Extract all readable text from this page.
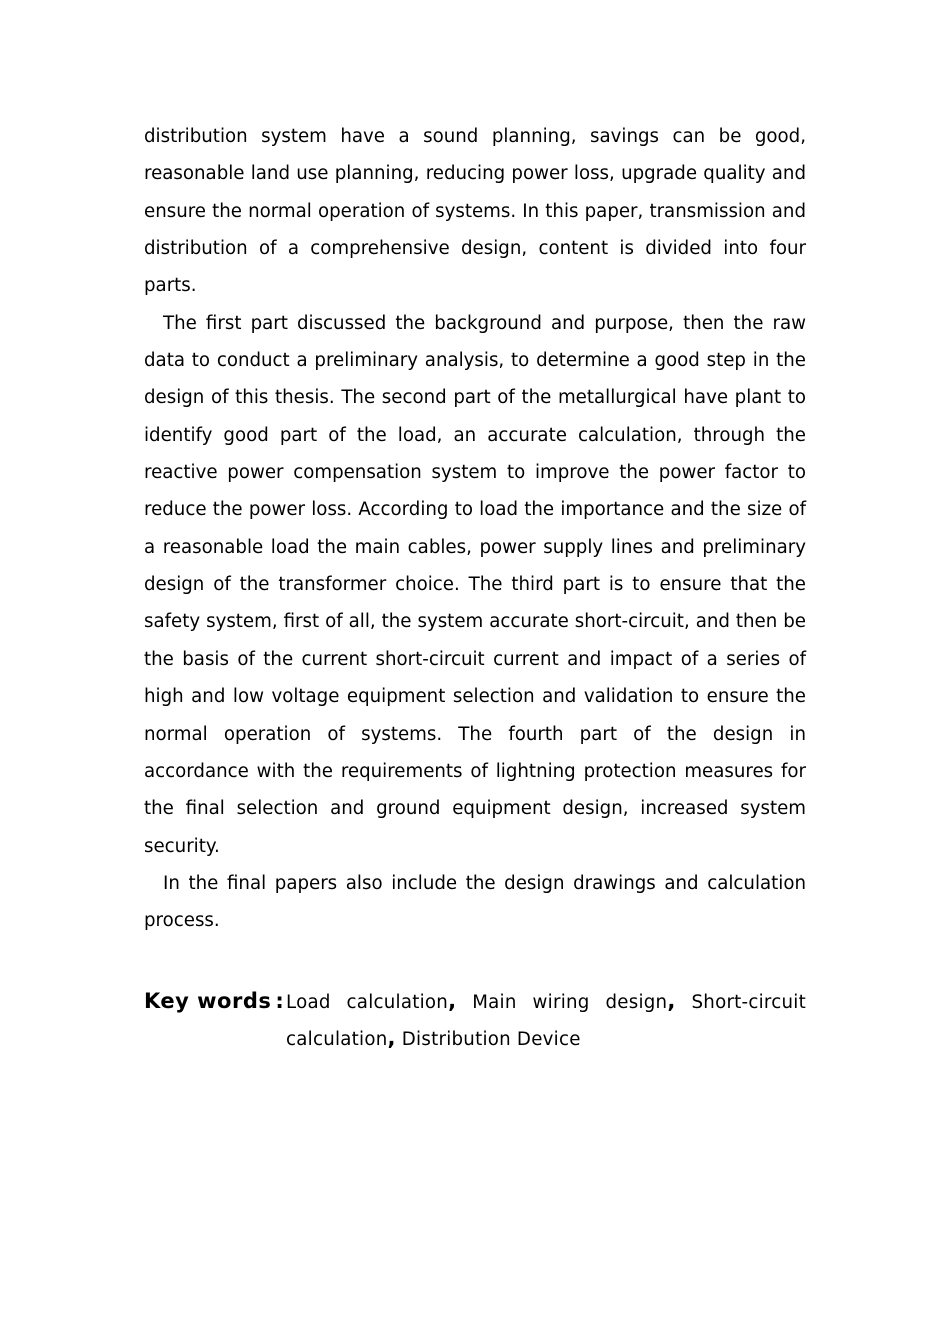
distribution system have a sound planning, savings can be good, reasonable land use planning, reducing power loss, upgrade quality and ensure the normal operation of systems. In this paper, transmission and distribution of a comprehensive design, content is divided into four parts.

The first part discussed the background and purpose, then the raw data to conduct a preliminary analysis, to determine a good step in the design of this thesis. The second part of the metallurgical have plant to identify good part of the load, an accurate calculation, through the reactive power compensation system to improve the power factor to reduce the power loss. According to load the importance and the size of a reasonable load the main cables, power supply lines and preliminary design of the transformer choice. The third part is to ensure that the safety system, first of all, the system accurate short-circuit, and then be the basis of the current short-circuit current and impact of a series of high and low voltage equipment selection and validation to ensure the normal operation of systems. The fourth part of the design in accordance with the requirements of lightning protection measures for the final selection and ground equipment design, increased system security.

In the final papers also include the design drawings and calculation process.

Key words : Load calculation, Main wiring design, Short-circuit calculation, Distribution Device
